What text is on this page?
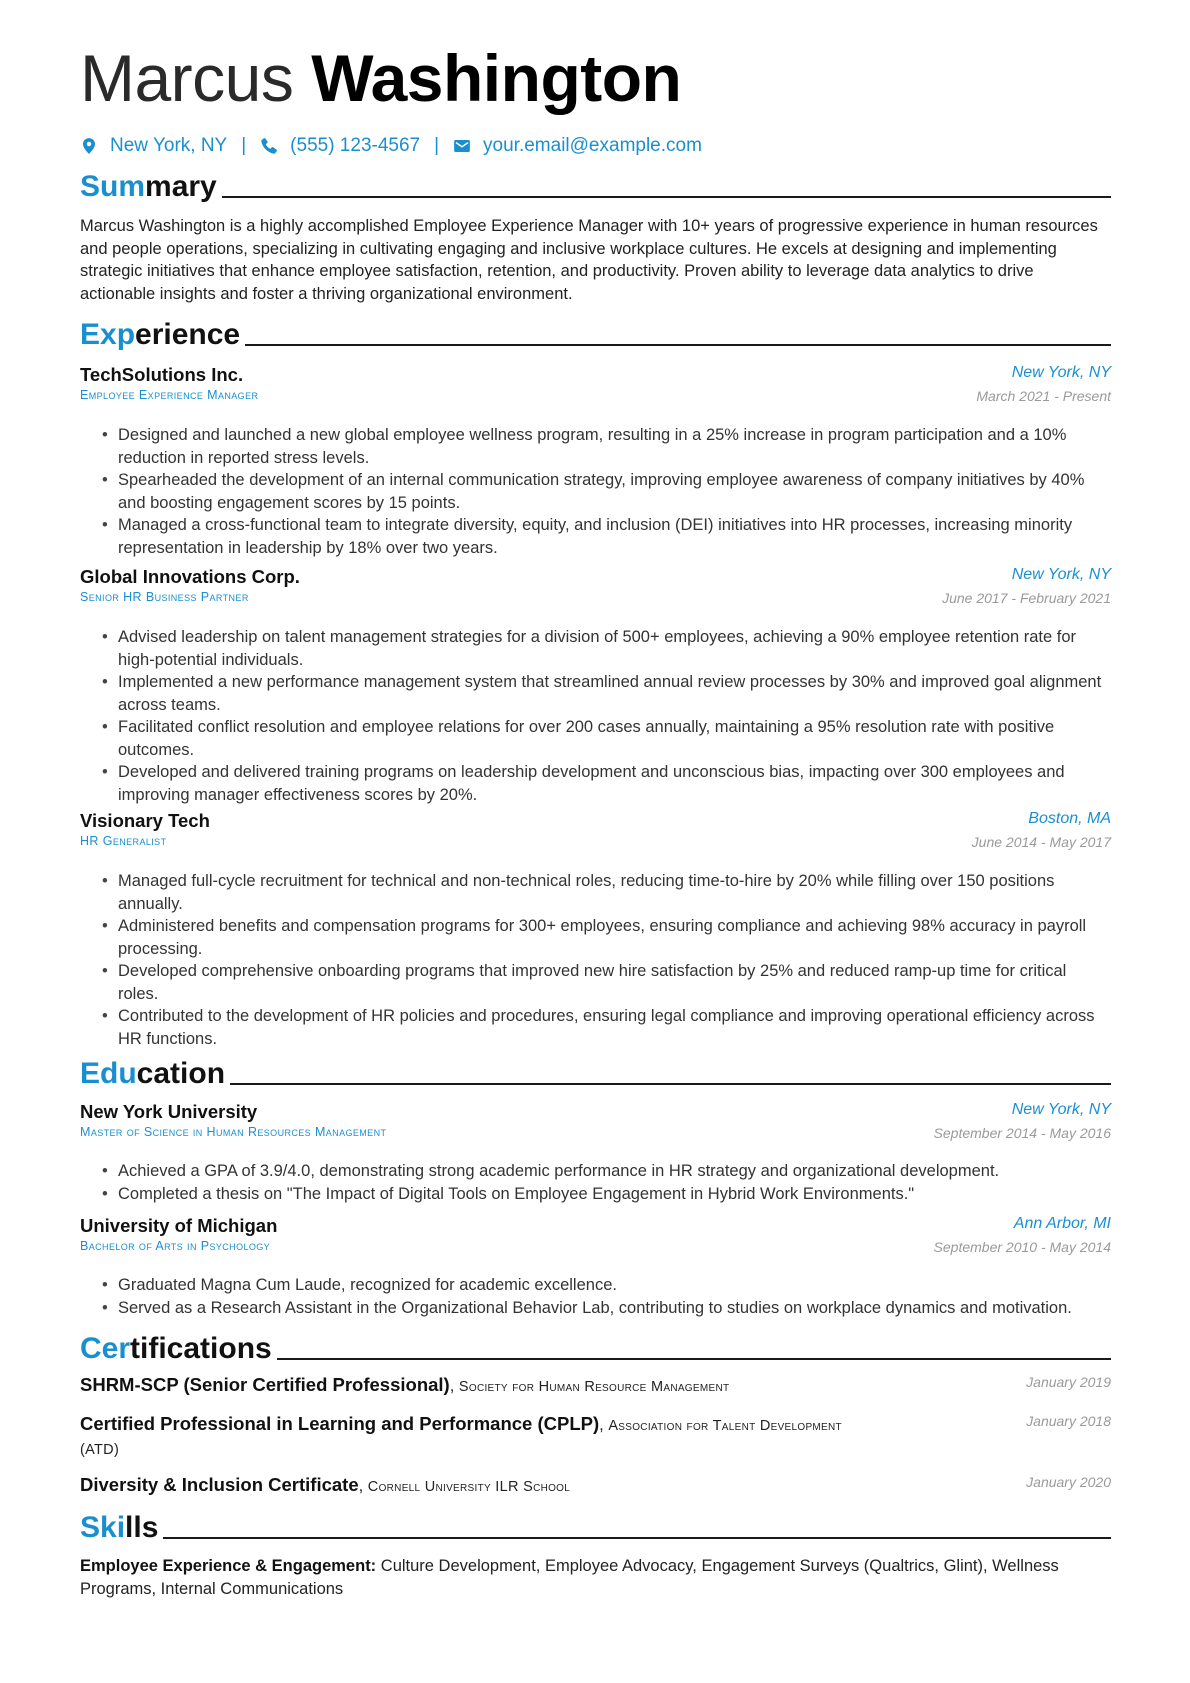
Marcus Washington
New York, NY | (555) 123-4567 | your.email@example.com
Summary
Marcus Washington is a highly accomplished Employee Experience Manager with 10+ years of progressive experience in human resources and people operations, specializing in cultivating engaging and inclusive workplace cultures. He excels at designing and implementing strategic initiatives that enhance employee satisfaction, retention, and productivity. Proven ability to leverage data analytics to drive actionable insights and foster a thriving organizational environment.
Experience
TechSolutions Inc.	New York, NY
Employee Experience Manager	March 2021 - Present
• Designed and launched a new global employee wellness program, resulting in a 25% increase in program participation and a 10% reduction in reported stress levels.
• Spearheaded the development of an internal communication strategy, improving employee awareness of company initiatives by 40% and boosting engagement scores by 15 points.
• Managed a cross-functional team to integrate diversity, equity, and inclusion (DEI) initiatives into HR processes, increasing minority representation in leadership by 18% over two years.
Global Innovations Corp.	New York, NY
Senior HR Business Partner	June 2017 - February 2021
• Advised leadership on talent management strategies for a division of 500+ employees, achieving a 90% employee retention rate for high-potential individuals.
• Implemented a new performance management system that streamlined annual review processes by 30% and improved goal alignment across teams.
• Facilitated conflict resolution and employee relations for over 200 cases annually, maintaining a 95% resolution rate with positive outcomes.
• Developed and delivered training programs on leadership development and unconscious bias, impacting over 300 employees and improving manager effectiveness scores by 20%.
Visionary Tech	Boston, MA
HR Generalist	June 2014 - May 2017
• Managed full-cycle recruitment for technical and non-technical roles, reducing time-to-hire by 20% while filling over 150 positions annually.
• Administered benefits and compensation programs for 300+ employees, ensuring compliance and achieving 98% accuracy in payroll processing.
• Developed comprehensive onboarding programs that improved new hire satisfaction by 25% and reduced ramp-up time for critical roles.
• Contributed to the development of HR policies and procedures, ensuring legal compliance and improving operational efficiency across HR functions.
Education
New York University	New York, NY
Master of Science in Human Resources Management	September 2014 - May 2016
• Achieved a GPA of 3.9/4.0, demonstrating strong academic performance in HR strategy and organizational development.
• Completed a thesis on "The Impact of Digital Tools on Employee Engagement in Hybrid Work Environments."
University of Michigan	Ann Arbor, MI
Bachelor of Arts in Psychology	September 2010 - May 2014
• Graduated Magna Cum Laude, recognized for academic excellence.
• Served as a Research Assistant in the Organizational Behavior Lab, contributing to studies on workplace dynamics and motivation.
Certifications
SHRM-SCP (Senior Certified Professional), Society for Human Resource Management	January 2019
Certified Professional in Learning and Performance (CPLP), Association for Talent Development (ATD)
January 2018
Diversity & Inclusion Certificate, Cornell University ILR School	January 2020
Skills
Employee Experience & Engagement: Culture Development, Employee Advocacy, Engagement Surveys (Qualtrics, Glint), Wellness Programs, Internal Communications
